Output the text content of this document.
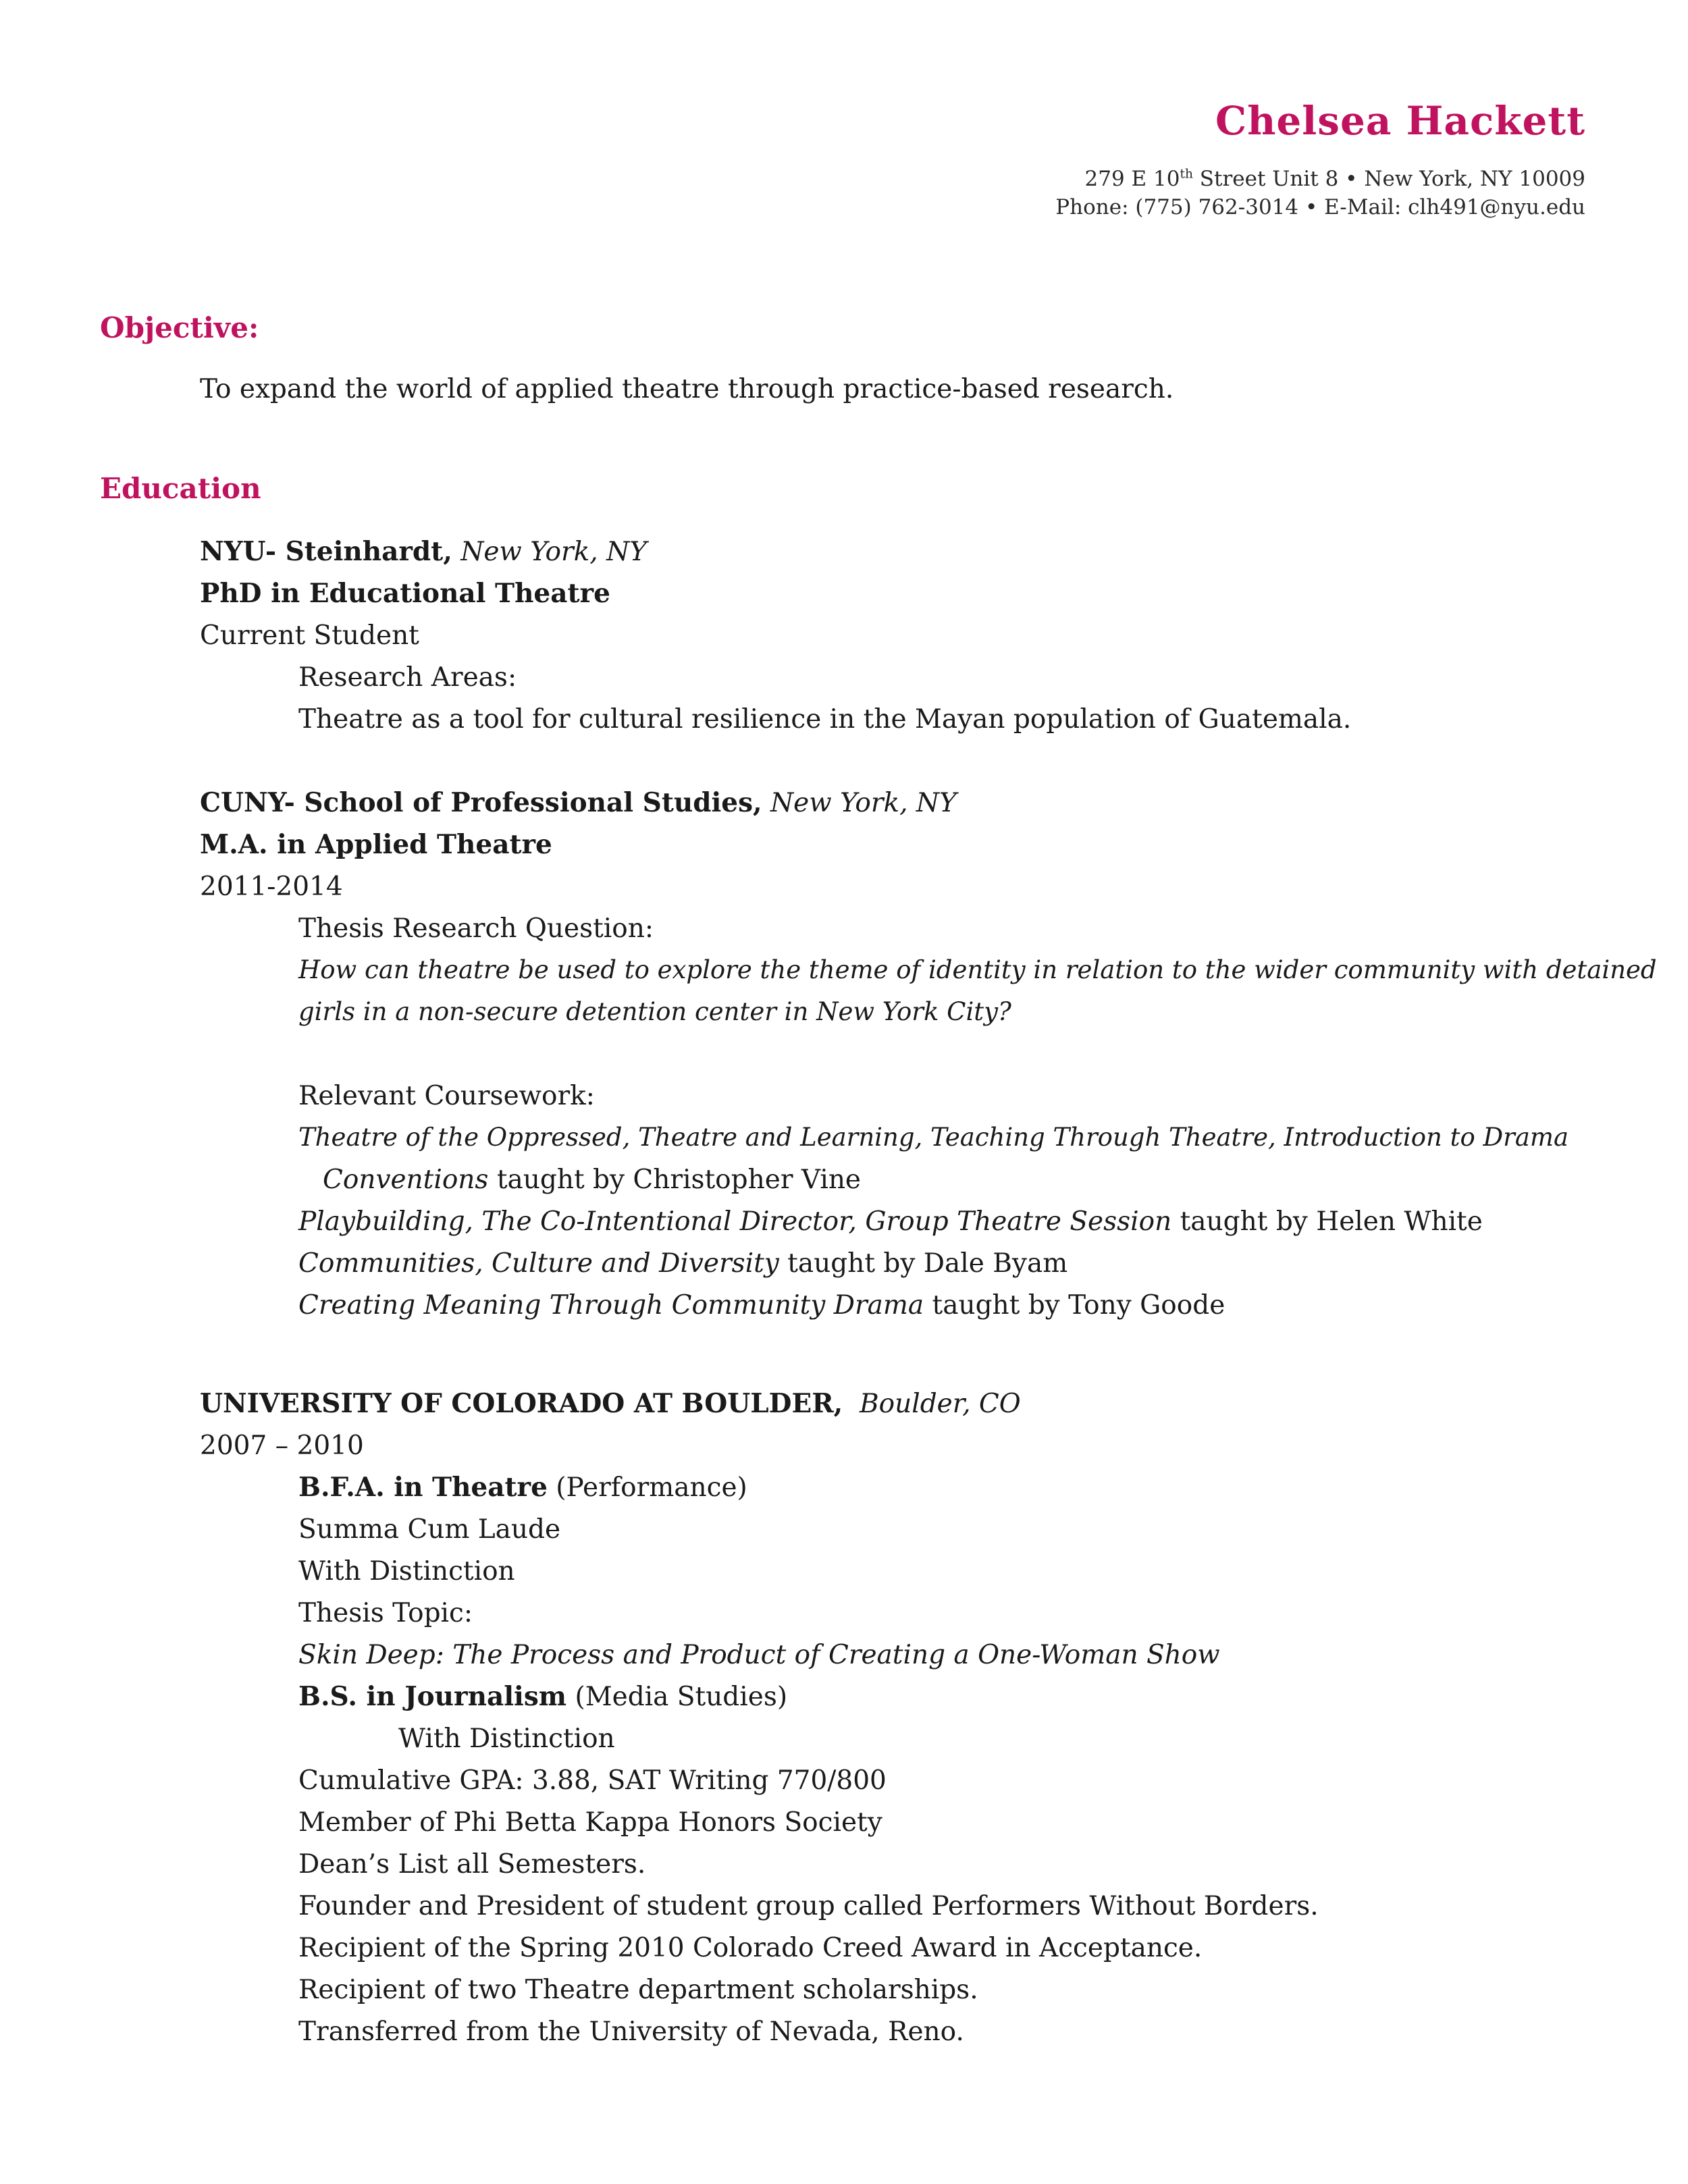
Chelsea Hackett
279 E 10th Street Unit 8 • New York, NY 10009
Phone: (775) 762-3014 • E-Mail: clh491@nyu.edu
Objective:
To expand the world of applied theatre through practice-based research.
Education
NYU- Steinhardt, New York, NY
PhD in Educational Theatre
Current Student
Research Areas:
Theatre as a tool for cultural resilience in the Mayan population of Guatemala.
CUNY- School of Professional Studies, New York, NY
M.A. in Applied Theatre
2011-2014
Thesis Research Question:
How can theatre be used to explore the theme of identity in relation to the wider community with detained
girls in a non-secure detention center in New York City?
Relevant Coursework:
Theatre of the Oppressed, Theatre and Learning, Teaching Through Theatre, Introduction to Drama
Conventions taught by Christopher Vine
Playbuilding, The Co-Intentional Director, Group Theatre Session taught by Helen White
Communities, Culture and Diversity taught by Dale Byam
Creating Meaning Through Community Drama taught by Tony Goode
UNIVERSITY OF COLORADO AT BOULDER, Boulder, CO
2007 – 2010
B.F.A. in Theatre (Performance)
Summa Cum Laude
With Distinction
Thesis Topic:
Skin Deep: The Process and Product of Creating a One-Woman Show
B.S. in Journalism (Media Studies)
With Distinction
Cumulative GPA: 3.88, SAT Writing 770/800
Member of Phi Betta Kappa Honors Society
Dean’s List all Semesters.
Founder and President of student group called Performers Without Borders.
Recipient of the Spring 2010 Colorado Creed Award in Acceptance.
Recipient of two Theatre department scholarships.
Transferred from the University of Nevada, Reno.
